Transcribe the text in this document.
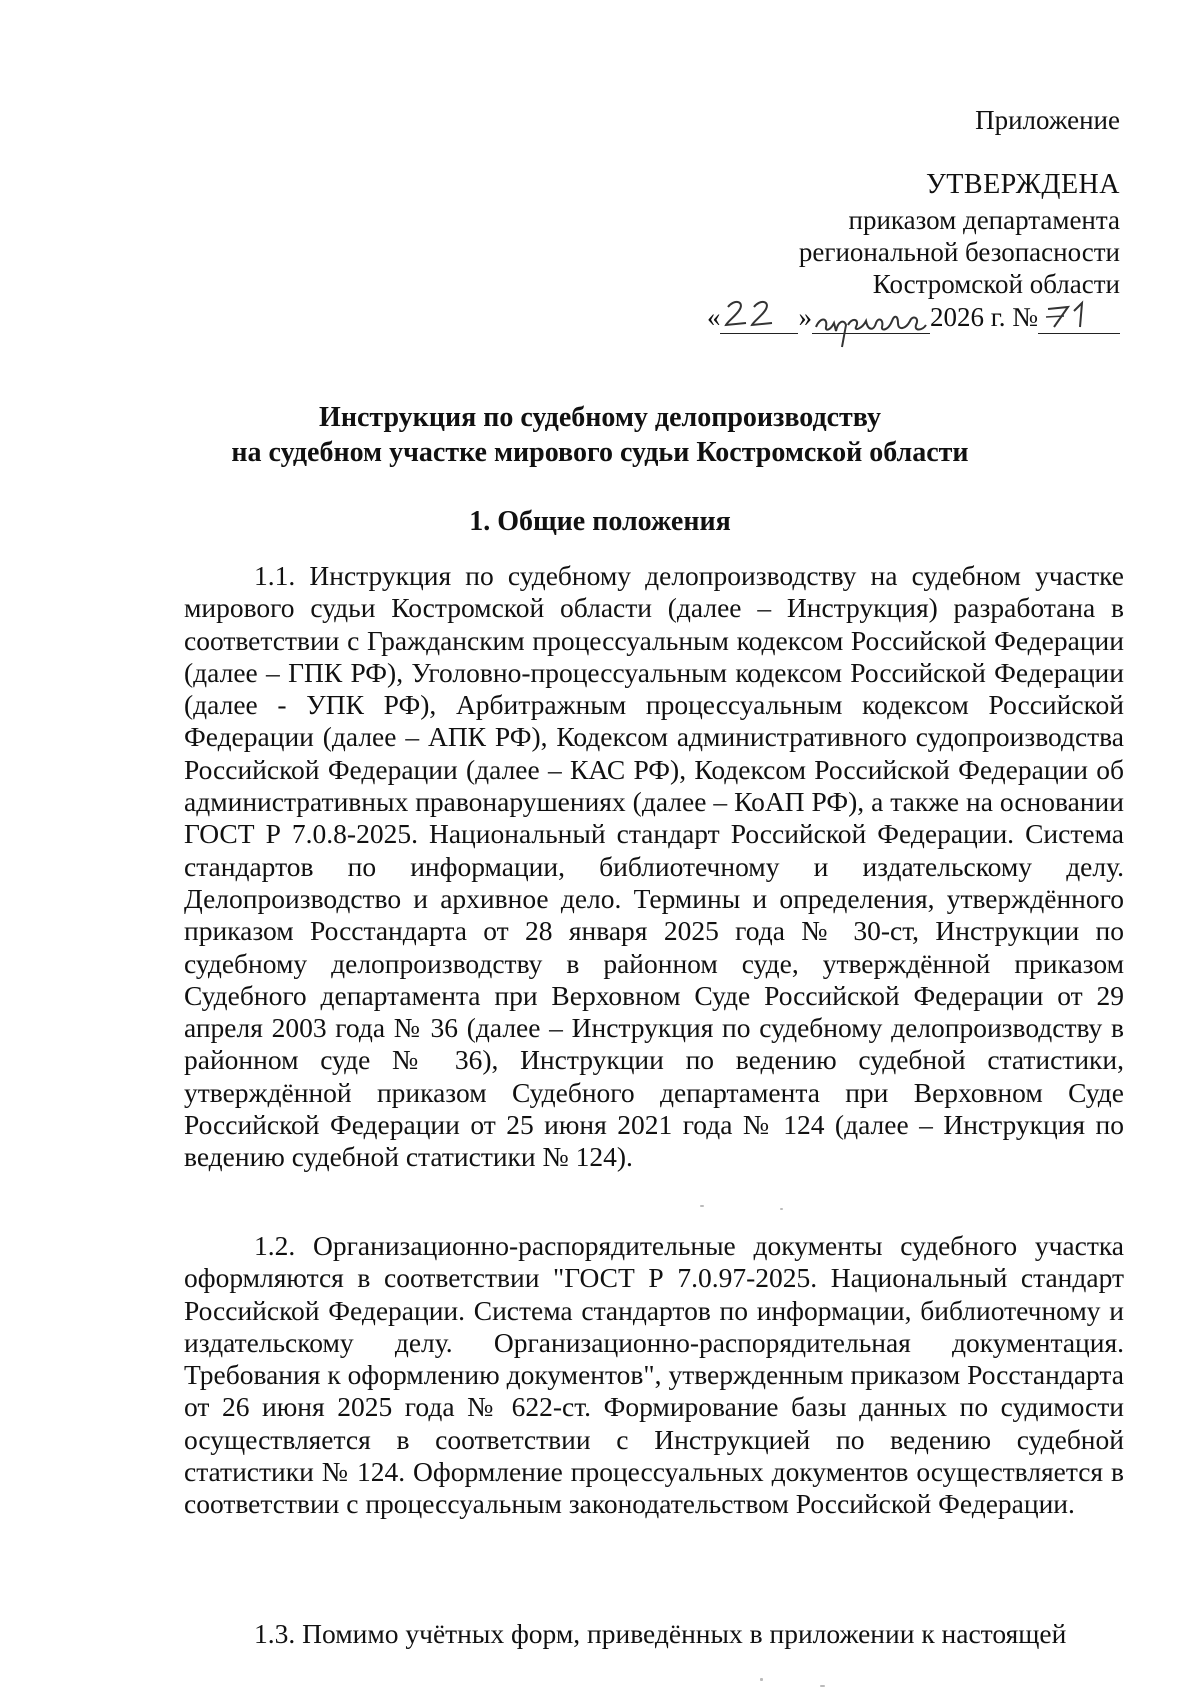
Приложение
УТВЕРЖДЕНА
приказом департамента
региональной безопасности
Костромской области
«	»	2026 г. №
Инструкция по судебному делопроизводству
на судебном участке мирового судьи Костромской области
1. Общие положения

1.1. Инструкция по судебному делопроизводству на судебном участке мирового судьи Костромской области (далее – Инструкция) разработана в соответствии с Гражданским процессуальным кодексом Российской Федерации (далее – ГПК РФ), Уголовно-процессуальным кодексом Российской Федерации (далее - УПК РФ), Арбитражным процессуальным кодексом Российской Федерации (далее – АПК РФ), Кодексом административного судопроизводства Российской Федерации (далее – КАС РФ), Кодексом Российской Федерации об административных правонарушениях (далее – КоАП РФ), а также на основании ГОСТ Р 7.0.8-2025. Национальный стандарт Российской Федерации. Система стандартов по информации, библиотечному и издательскому делу. Делопроизводство и архивное дело. Термины и определения, утверждённого приказом Росстандарта от 28 января 2025 года № 30-ст, Инструкции по судебному делопроизводству в районном суде, утверждённой приказом Судебного департамента при Верховном Суде Российской Федерации от 29 апреля 2003 года № 36 (далее – Инструкция по судебному делопроизводству в районном суде № 36), Инструкции по ведению судебной статистики, утверждённой приказом Судебного департамента при Верховном Суде Российской Федерации от 25 июня 2021 года № 124 (далее – Инструкция по ведению судебной статистики № 124).

1.2. Организационно-распорядительные документы судебного участка оформляются в соответствии "ГОСТ Р 7.0.97-2025. Национальный стандарт Российской Федерации. Система стандартов по информации, библиотечному и издательскому делу. Организационно-распорядительная документация. Требования к оформлению документов", утвержденным приказом Росстандарта от 26 июня 2025 года № 622-ст. Формирование базы данных по судимости осуществляется в соответствии с Инструкцией по ведению судебной статистики № 124. Оформление процессуальных документов осуществляется в соответствии с процессуальным законодательством Российской Федерации.

1.3. Помимо учётных форм, приведённых в приложении к настоящей
